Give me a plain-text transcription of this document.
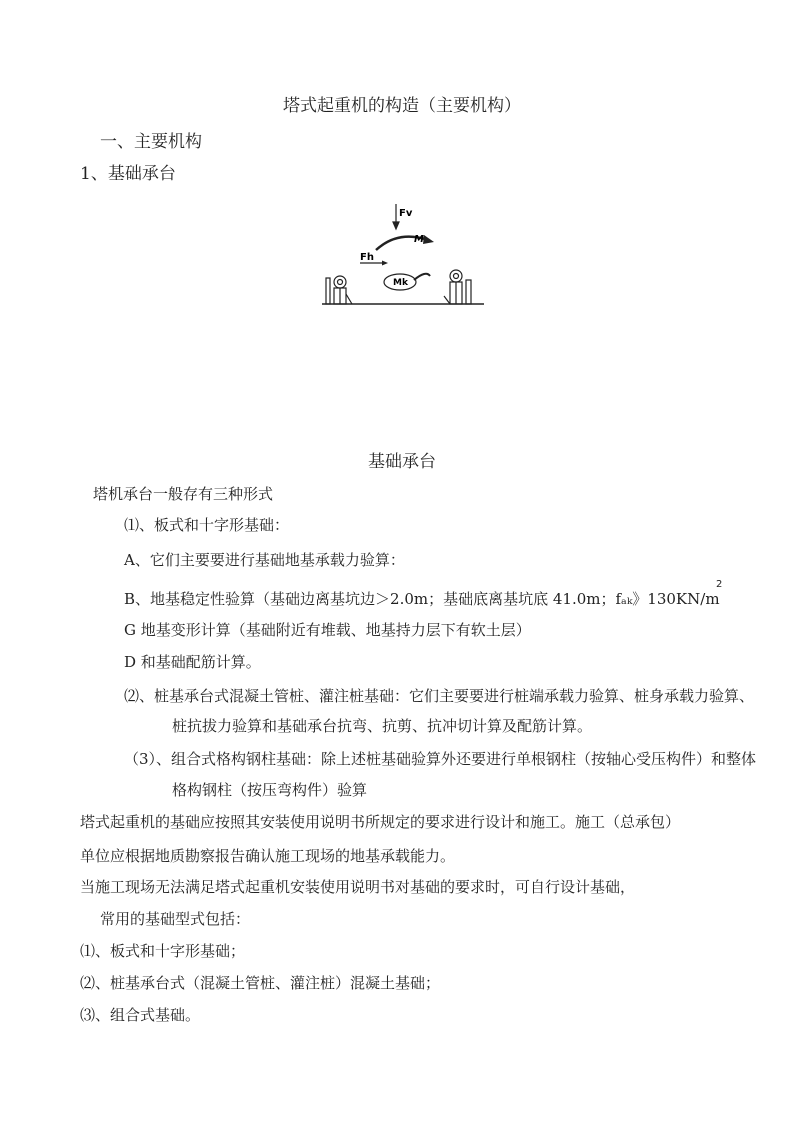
塔式起重机的构造（主要机构）
一、主要机构
1、基础承台
Fv
M
Fh
Mk
基础承台
塔机承台一般存有三种形式
⑴、板式和十字形基础：
A、它们主要要进行基础地基承载力验算：
2
B、地基稳定性验算（基础边离基坑边＞2.0m；基础底离基坑底 41.0m；fₐₖ》130KN/m
G 地基变形计算（基础附近有堆载、地基持力层下有软土层）
D 和基础配筋计算。
⑵、桩基承台式混凝土管桩、灌注桩基础：它们主要要进行桩端承载力验算、桩身承载力验算、
桩抗拔力验算和基础承台抗弯、抗剪、抗冲切计算及配筋计算。
（3）、组合式格构钢柱基础：除上述桩基础验算外还要进行单根钢柱（按轴心受压构件）和整体
格构钢柱（按压弯构件）验算
塔式起重机的基础应按照其安装使用说明书所规定的要求进行设计和施工。施工（总承包）
单位应根据地质勘察报告确认施工现场的地基承载能力。
当施工现场无法满足塔式起重机安装使用说明书对基础的要求时，可自行设计基础，
常用的基础型式包括：
⑴、板式和十字形基础；
⑵、桩基承台式（混凝土管桩、灌注桩）混凝土基础；
⑶、组合式基础。
